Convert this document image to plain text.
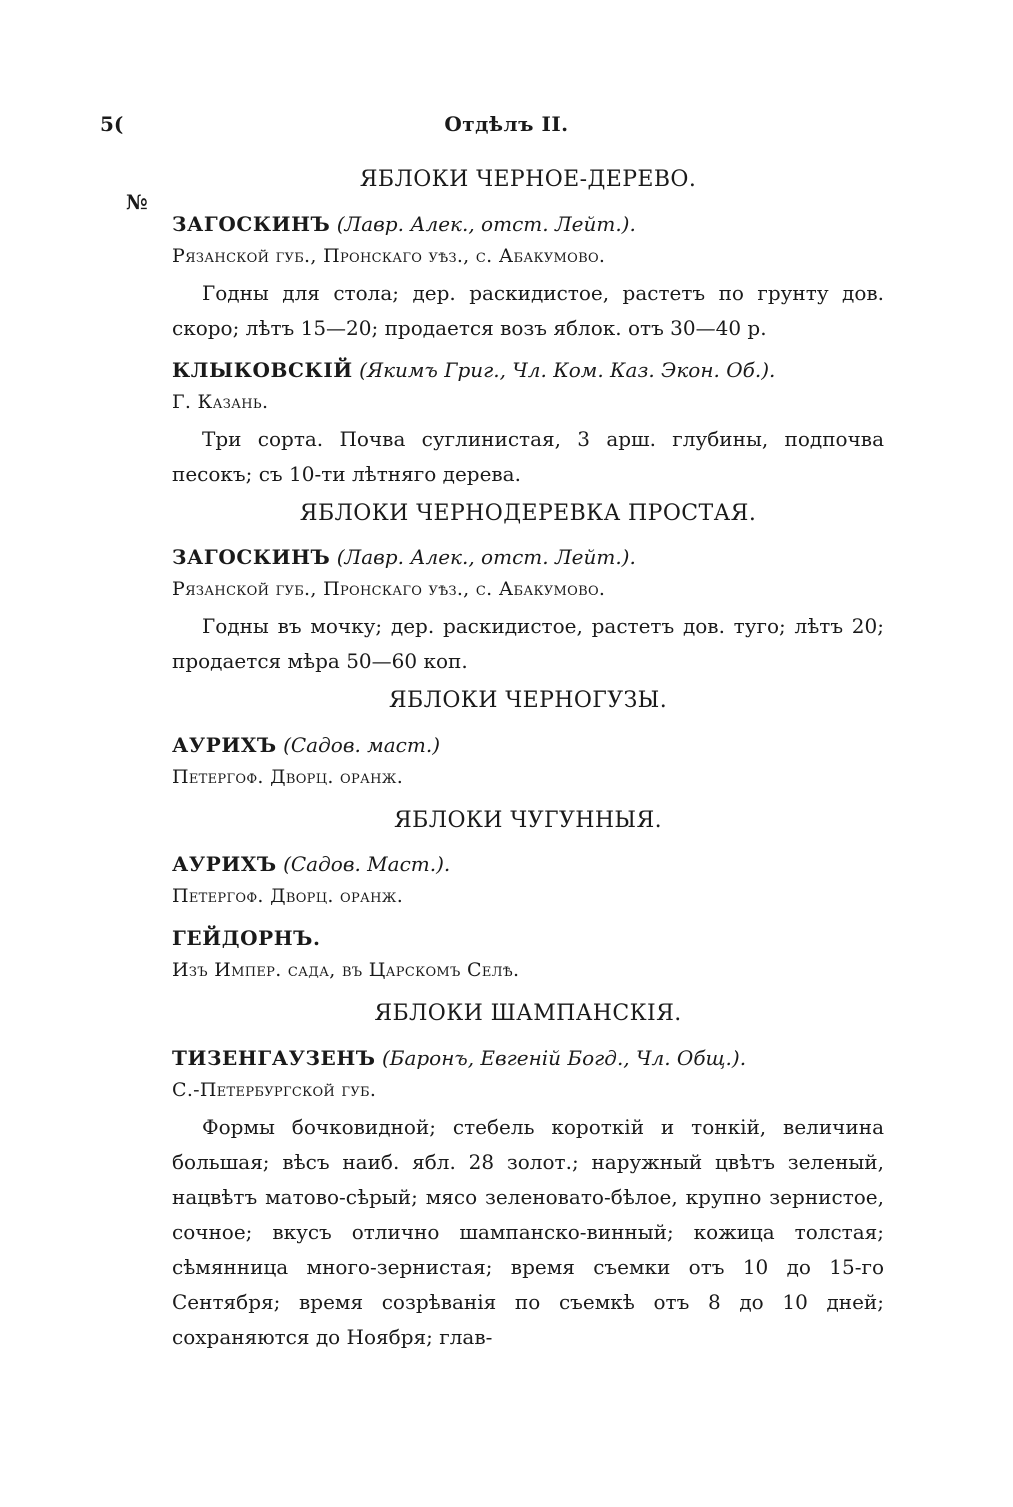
5(	Отдѣлъ II.
№
ЯБЛОКИ ЧЕРНОЕ-ДЕРЕВО.
ЗАГОСКИНЪ (Лавр. Алек., отст. Лейт.).
Рязанской губ., Пронскаго уѣз., с. Абакумово.
Годны для стола; дер. раскидистое, растетъ по грунту дов. скоро; лѣтъ 15—20; продается возъ яблок. отъ 30—40 р.
КЛЫКОВСКІЙ (Якимъ Григ., Чл. Ком. Каз. Экон. Об.).
Г. Казань.
Три сорта. Почва суглинистая, 3 арш. глубины, подпочва песокъ; съ 10-ти лѣтняго дерева.
ЯБЛОКИ ЧЕРНОДЕРЕВКА ПРОСТАЯ.
ЗАГОСКИНЪ (Лавр. Алек., отст. Лейт.).
Рязанской губ., Пронскаго уѣз., с. Абакумово.
Годны въ мочку; дер. раскидистое, растетъ дов. туго; лѣтъ 20; продается мѣра 50—60 коп.
ЯБЛОКИ ЧЕРНОГУЗЫ.
АУРИХЪ (Садов. маст.)
Петергоф. Дворц. оранж.
ЯБЛОКИ ЧУГУННЫЯ.
АУРИХЪ (Садов. Маст.).
Петергоф. Дворц. оранж.
ГЕЙДОРНЪ.
Изъ Импер. сада, въ Царскомъ Селѣ.
ЯБЛОКИ ШАМПАНСКІЯ.
ТИЗЕНГАУЗЕНЪ (Баронъ, Евгеній Богд., Чл. Общ.).
С.-Петербургской губ.
Формы бочковидной; стебель короткій и тонкій, величина большая; вѣсъ наиб. ябл. 28 золот.; наружный цвѣтъ зеленый, нацвѣтъ матово-сѣрый; мясо зеленовато-бѣлое, крупно зернистое, сочное; вкусъ отлично шампанско-винный; кожица толстая; сѣмянница много-зернистая; время съемки отъ 10 до 15-го Сентября; время созрѣванія по съемкѣ отъ 8 до 10 дней; сохраняются до Ноября; глав-
